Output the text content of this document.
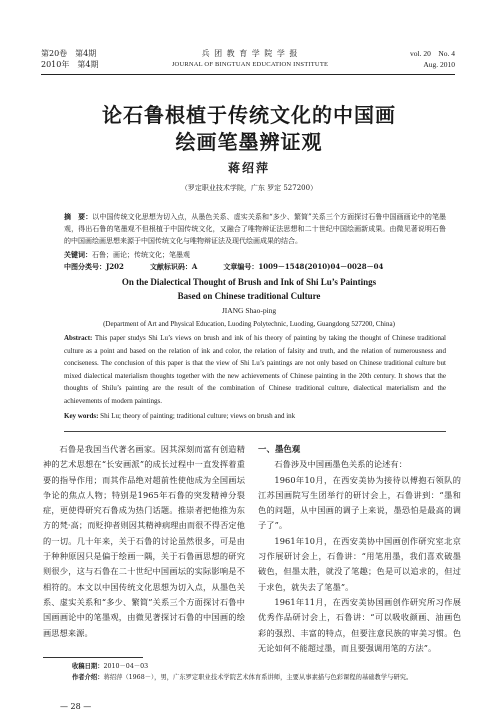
第20卷　第4期
2010年　第4期
兵 团 教 育 学 院 学 报
JOURNAL OF BINGTUAN EDUCATION INSTITUTE
vol. 20　No. 4
Aug. 2010
论石鲁根植于传统文化的中国画
绘画笔墨辨证观
蒋绍萍
（罗定职业技术学院，广东 罗定 527200）
摘　要：以中国传统文化思想为切入点，从墨色关系、虚实关系和“多少、繁简”关系三个方面探讨石鲁中国画画论中的笔墨观，得出石鲁的笔墨观不但根植于中国传统文化，又融合了唯物辩证法思想和二十世纪中国绘画新成果。由微见著说明石鲁的中国画绘画思想来源于中国传统文化与唯物辩证法及现代绘画成果的结合。
关键词：石鲁；画论；传统文化；笔墨观
中图分类号：J202	文献标识码：A	文章编号：1009－1548(2010)04－0028－04
On the Dialectical Thought of Brush and Ink of Shi Lu’s Paintings
Based on Chinese traditional Culture
JIANG Shao-ping
(Department of Art and Physical Education, Luoding Polytechnic, Luoding, Guangdong 527200, China)
Abstract: This paper studys Shi Lu’s views on brush and ink of his theory of painting by taking the thought of Chinese traditional culture as a point and based on the relation of ink and color, the relation of falsity and truth, and the relation of numerousness and conciseness. The conclusion of this paper is that the view of Shi Lu’s paintings are not only based on Chinese traditional culture but mixed dialectical materialism thoughts together with the new achievements of Chinese painting in the 20th century. It shows that the thoughts of Shilu’s painting are the result of the combination of Chinese traditional culture, dialectical materialism and the achievements of modern paintings.
Key words: Shi Lu; theory of painting; traditional culture; views on brush and ink

石鲁是我国当代著名画家。因其深刻而富有创造精神的艺术思想在“长安画派”的成长过程中一直发挥着重要的指导作用；而其作品绝对超前性使他成为全国画坛争论的焦点人物；特别是1965年石鲁的突发精神分裂症，更使得研究石鲁成为热门话题。推崇者把他推为东方的梵·高；而贬抑者则因其精神病理由而很不得否定他的一切。几十年来，关于石鲁的讨论虽然很多，可是由于种种原因只是偏于绘画一隅，关于石鲁画思想的研究则很少，这与石鲁在二十世纪中国画坛的实际影响是不相符的。本文以中国传统文化思想为切入点，从墨色关系、虚实关系和“多少、繁简”关系三个方面探讨石鲁中国画画论中的笔墨观，由微见著探讨石鲁的中国画的绘画思想来源。

一、墨色观

石鲁涉及中国画墨色关系的论述有：

1960年10月，在西安美协为接待以傅抱石领队的江苏国画院写生团举行的研讨会上，石鲁讲到：“墨和色的问题，从中国画的调子上来说，墨恐怕是最高的调子了”。

1961年10月，在西安美协中国画创作研究室北京习作展研讨会上，石鲁讲：“用笔用墨，我们喜欢破墨破色，但墨太胜，就没了笔趣；色是可以追求的，但过于求色，就失去了笔墨”。

1961年11月，在西安美协国画创作研究所习作展 优秀作品研讨会上，石鲁讲：“可以吸收颜画、油画色彩的强烈、丰富的特点，但要注意民族的审美习惯。色无论如何不能超过墨，而且要强调用笔的方法”。

收稿日期：2010－04－03
作者介绍：蒋绍萍（1968－），男，广东罗定职业技术学院艺术体育系讲师，主要从事素描与色彩课程的基础教学与研究。
— 28 —
